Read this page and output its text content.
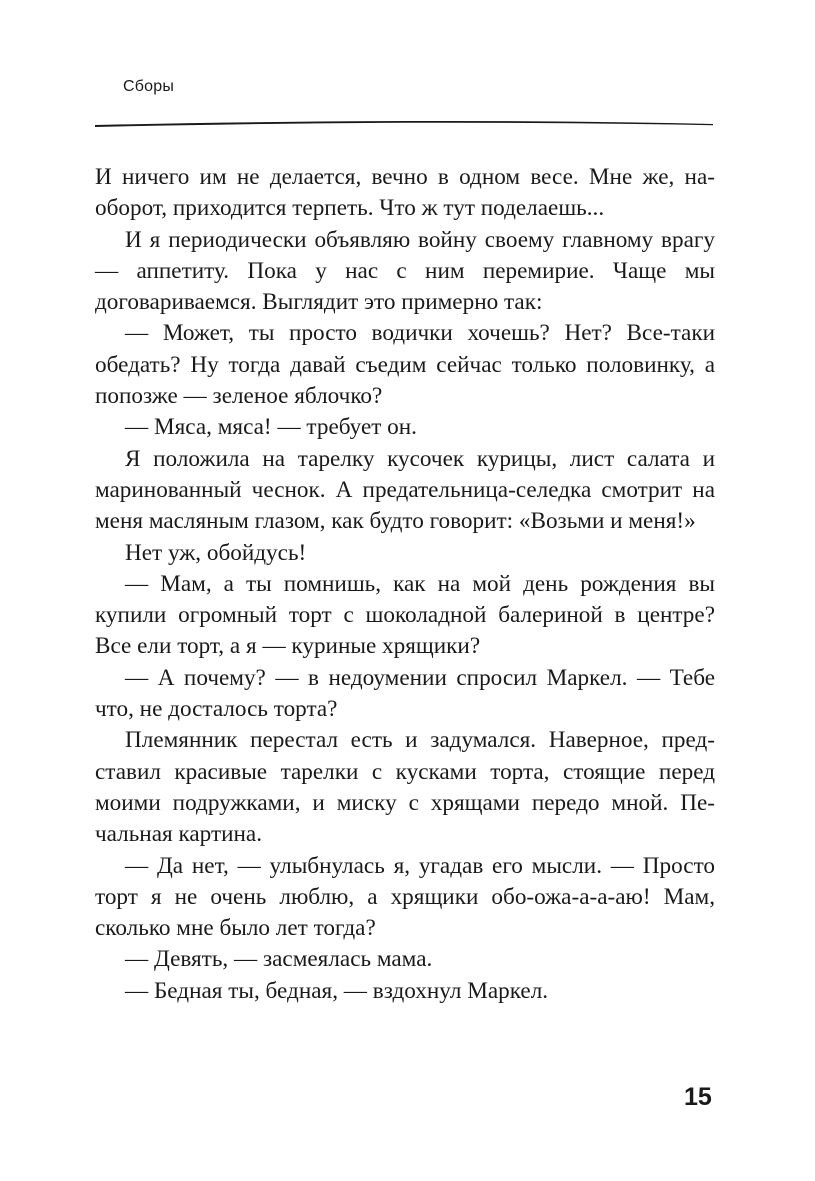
Сборы

И ничего им не делается, вечно в одном весе. Мне же, наоборот, приходится терпеть. Что ж тут поделаешь...

И я периодически объявляю войну своему главному врагу — аппетиту. Пока у нас с ним перемирие. Чаще мы договариваемся. Выглядит это примерно так:

— Может, ты просто водички хочешь? Нет? Все-таки обедать? Ну тогда давай съедим сейчас только половинку, а попозже — зеленое яблочко?

— Мяса, мяса! — требует он.

Я положила на тарелку кусочек курицы, лист салата и маринованный чеснок. А предательница-селедка смотрит на меня масляным глазом, как будто говорит: «Возьми и меня!»

Нет уж, обойдусь!

— Мам, а ты помнишь, как на мой день рождения вы купили огромный торт с шоколадной балериной в центре? Все ели торт, а я — куриные хрящики?

— А почему? — в недоумении спросил Маркел. — Тебе что, не досталось торта?

Племянник перестал есть и задумался. Наверное, представил красивые тарелки с кусками торта, стоящие перед моими подружками, и миску с хрящами передо мной. Печальная картина.

— Да нет, — улыбнулась я, угадав его мысли. — Просто торт я не очень люблю, а хрящики обо-ожа-а-а-аю! Мам, сколько мне было лет тогда?

— Девять, — засмеялась мама.

— Бедная ты, бедная, — вздохнул Маркел.

15
